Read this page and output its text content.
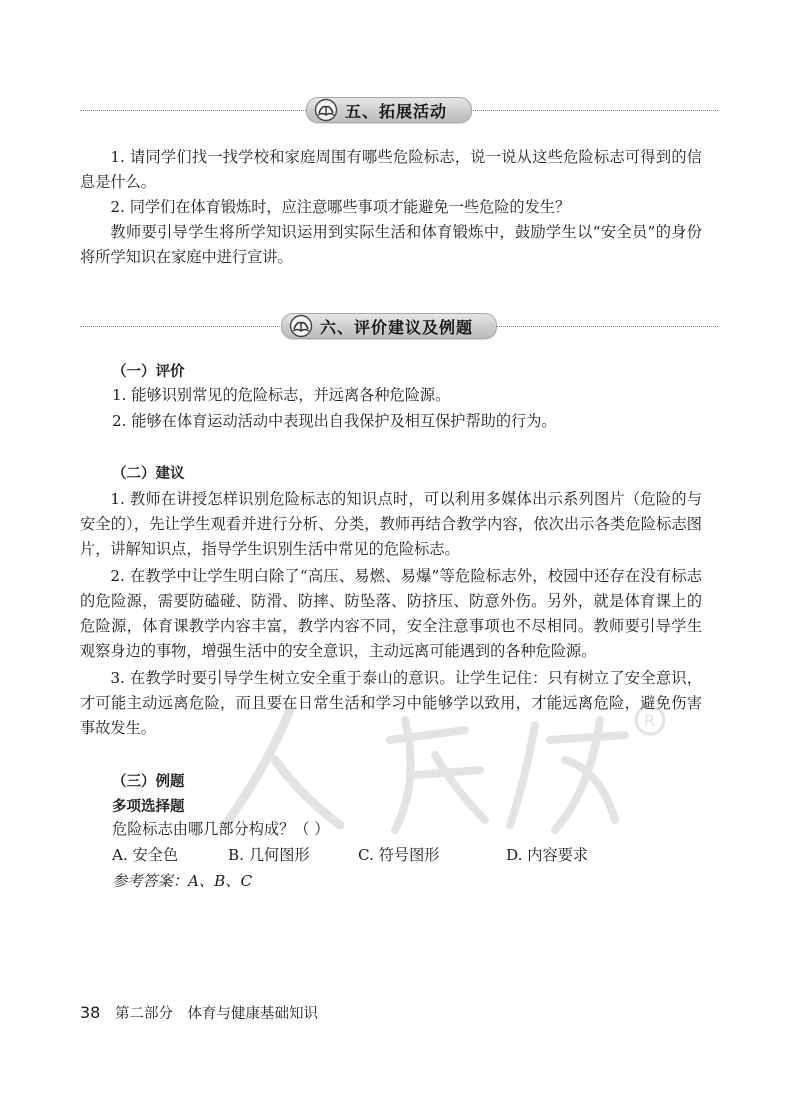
五、拓展活动

1. 请同学们找一找学校和家庭周围有哪些危险标志，说一说从这些危险标志可得到的信息是什么。

2. 同学们在体育锻炼时，应注意哪些事项才能避免一些危险的发生？

教师要引导学生将所学知识运用到实际生活和体育锻炼中，鼓励学生以“安全员”的身份将所学知识在家庭中进行宣讲。

六、评价建议及例题
（一）评价
1. 能够识别常见的危险标志，并远离各种危险源。
2. 能够在体育运动活动中表现出自我保护及相互保护帮助的行为。
（二）建议

1. 教师在讲授怎样识别危险标志的知识点时，可以利用多媒体出示系列图片（危险的与安全的），先让学生观看并进行分析、分类，教师再结合教学内容，依次出示各类危险标志图片，讲解知识点，指导学生识别生活中常见的危险标志。

2. 在教学中让学生明白除了“高压、易燃、易爆”等危险标志外，校园中还存在没有标志的危险源，需要防磕碰、防滑、防摔、防坠落、防挤压、防意外伤。另外，就是体育课上的危险源，体育课教学内容丰富，教学内容不同，安全注意事项也不尽相同。教师要引导学生观察身边的事物，增强生活中的安全意识，主动远离可能遇到的各种危险源。

3. 在教学时要引导学生树立安全重于泰山的意识。让学生记住：只有树立了安全意识，才可能主动远离危险，而且要在日常生活和学习中能够学以致用，才能远离危险，避免伤害事故发生。	R
（三）例题
多项选择题
危险标志由哪几部分构成？（ ）
A. 安全色	B. 几何图形	C. 符号图形	D. 内容要求
参考答案：A、B、C
38 第二部分　体育与健康基础知识
